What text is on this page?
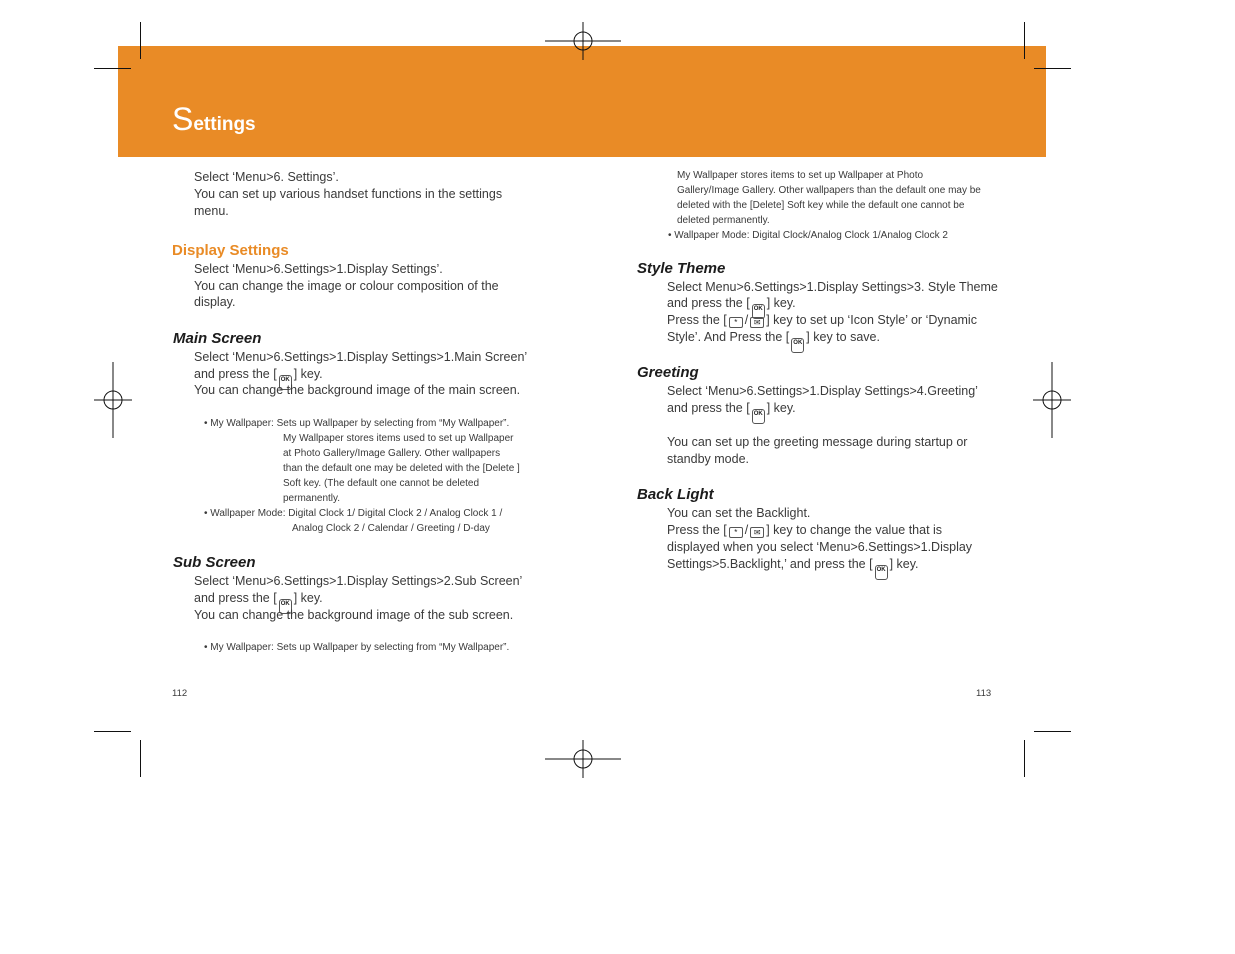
Settings
Select ‘Menu>6. Settings’.
You can set up various handset functions in the settings
menu.
Display Settings
Select ‘Menu>6.Settings>1.Display Settings’.
You can change the image or colour composition of the
display.
Main Screen
Select ‘Menu>6.Settings>1.Display Settings>1.Main Screen’
and press the [ OK ] key.
You can change the background image of the main screen.
• My Wallpaper: Sets up Wallpaper by selecting from “My Wallpaper”.
My Wallpaper stores items used to set up Wallpaper
at Photo Gallery/Image Gallery. Other wallpapers
than the default one may be deleted with the [Delete ]
Soft key. (The default one cannot be deleted
permanently.
• Wallpaper Mode: Digital Clock 1/ Digital Clock 2 / Analog Clock 1 /
Analog Clock 2 / Calendar / Greeting / D-day
Sub Screen
Select ‘Menu>6.Settings>1.Display Settings>2.Sub Screen’
and press the [ OK ] key.
You can change the background image of the sub screen.
• My Wallpaper: Sets up Wallpaper by selecting from “My Wallpaper”.
112
My Wallpaper stores items to set up Wallpaper at Photo
Gallery/Image Gallery. Other wallpapers than the default one may be
deleted with the [Delete] Soft key while the default one cannot be
deleted permanently.
• Wallpaper Mode: Digital Clock/Analog Clock 1/Analog Clock 2
Style Theme
Select Menu>6.Settings>1.Display Settings>3. Style Theme
and press the [ OK ] key.
Press the [ * / ✉ ] key to set up ‘Icon Style’ or ‘Dynamic
Style’. And Press the [ OK ] key to save.
Greeting
Select ‘Menu>6.Settings>1.Display Settings>4.Greeting’
and press the [ OK ] key.
You can set up the greeting message during startup or
standby mode.
Back Light
You can set the Backlight.
Press the [ * / ✉ ] key to change the value that is
displayed when you select ‘Menu>6.Settings>1.Display
Settings>5.Backlight,’ and press the [ OK ] key.
113
